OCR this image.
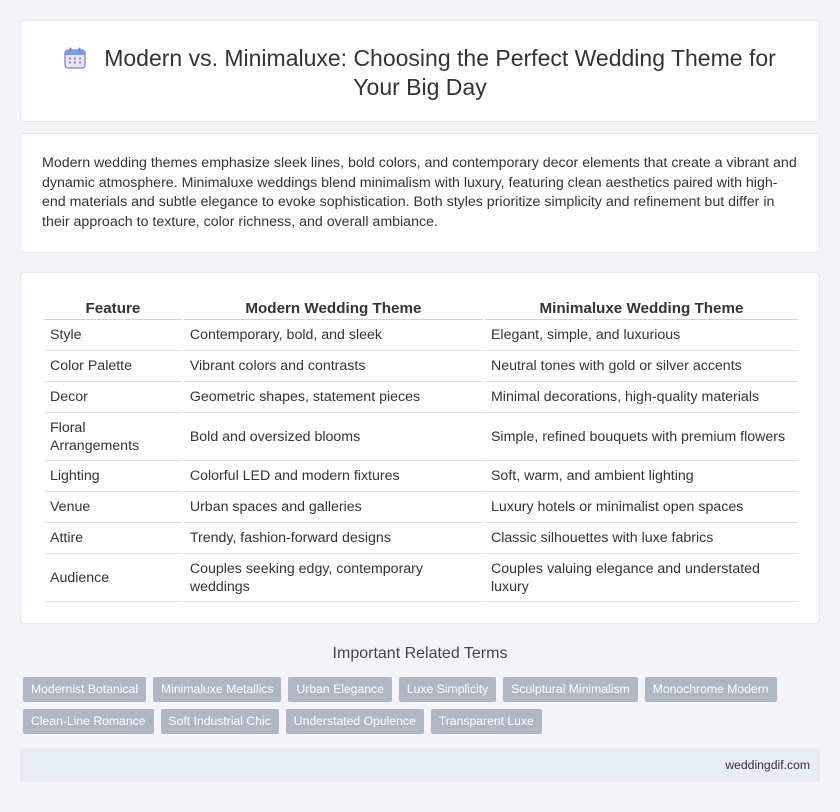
Modern vs. Minimaluxe: Choosing the Perfect Wedding Theme for Your Big Day

Modern wedding themes emphasize sleek lines, bold colors, and contemporary decor elements that create a vibrant and dynamic atmosphere. Minimaluxe weddings blend minimalism with luxury, featuring clean aesthetics paired with high-end materials and subtle elegance to evoke sophistication. Both styles prioritize simplicity and refinement but differ in their approach to texture, color richness, and overall ambiance.

Feature	Modern Wedding Theme	Minimaluxe Wedding Theme
Style	Contemporary, bold, and sleek	Elegant, simple, and luxurious
Color Palette	Vibrant colors and contrasts	Neutral tones with gold or silver accents
Decor	Geometric shapes, statement pieces	Minimal decorations, high-quality materials
Floral Arrangements	Bold and oversized blooms	Simple, refined bouquets with premium flowers
Lighting	Colorful LED and modern fixtures	Soft, warm, and ambient lighting
Venue	Urban spaces and galleries	Luxury hotels or minimalist open spaces
Attire	Trendy, fashion-forward designs	Classic silhouettes with luxe fabrics
Audience	Couples seeking edgy, contemporary weddings	Couples valuing elegance and understated luxury
Important Related Terms
Modernist Botanical	Minimaluxe Metallics	Urban Elegance	Luxe Simplicity	Sculptural Minimalism	Monochrome Modern
Clean-Line Romance	Soft Industrial Chic	Understated Opulence	Transparent Luxe
weddingdif.com
